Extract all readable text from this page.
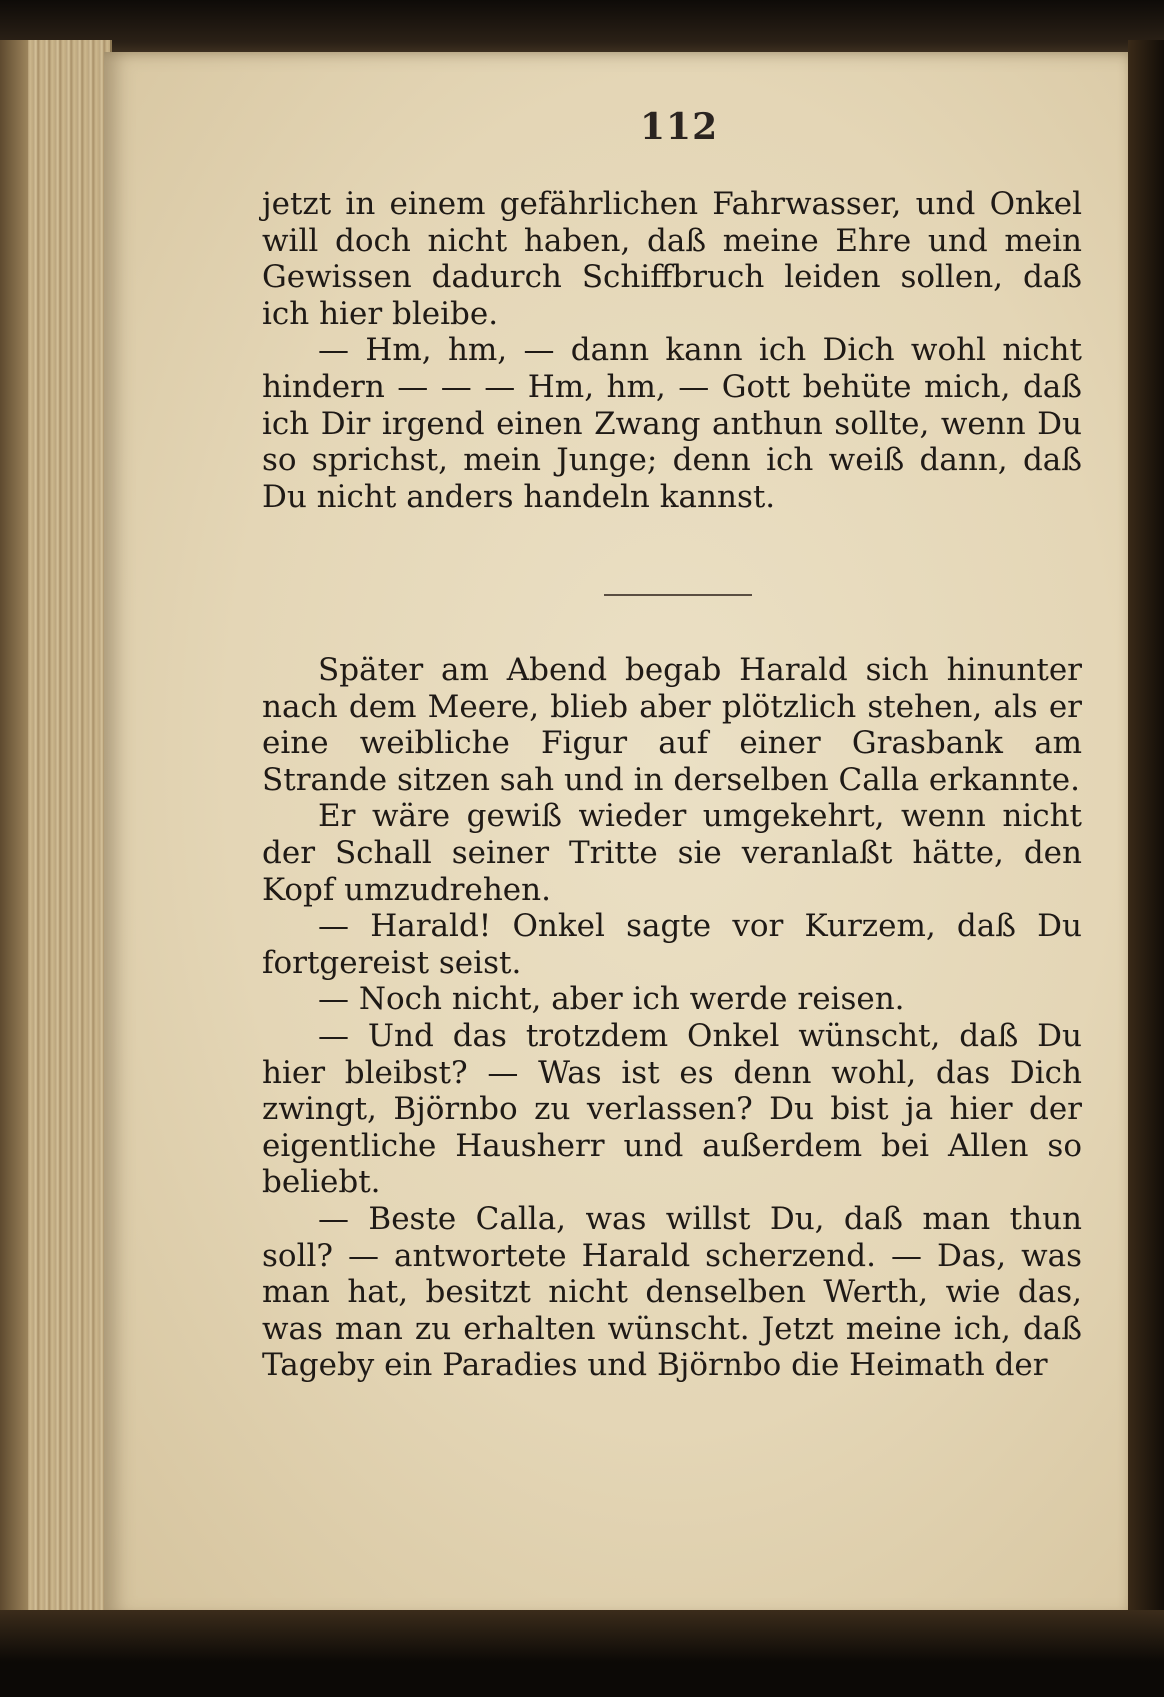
112

jetzt in einem gefährlichen Fahrwasser, und Onkel will doch nicht haben, daß meine Ehre und mein Gewissen dadurch Schiffbruch leiden sollen, daß ich hier bleibe.

— Hm, hm, — dann kann ich Dich wohl nicht hindern — — — Hm, hm, — Gott behüte mich, daß ich Dir irgend einen Zwang anthun sollte, wenn Du so sprichst, mein Junge; denn ich weiß dann, daß Du nicht anders handeln kannst.

Später am Abend begab Harald sich hinunter nach dem Meere, blieb aber plötzlich stehen, als er eine weibliche Figur auf einer Grasbank am Strande sitzen sah und in derselben Calla erkannte.

Er wäre gewiß wieder umgekehrt, wenn nicht der Schall seiner Tritte sie veranlaßt hätte, den Kopf umzudrehen.

— Harald! Onkel sagte vor Kurzem, daß Du fortgereist seist.

— Noch nicht, aber ich werde reisen.

— Und das trotzdem Onkel wünscht, daß Du hier bleibst? — Was ist es denn wohl, das Dich zwingt, Björnbo zu verlassen? Du bist ja hier der eigentliche Hausherr und außerdem bei Allen so beliebt.

— Beste Calla, was willst Du, daß man thun soll? — antwortete Harald scherzend. — Das, was man hat, besitzt nicht denselben Werth, wie das, was man zu erhalten wünscht. Jetzt meine ich, daß Tageby ein Paradies und Björnbo die Heimath der
